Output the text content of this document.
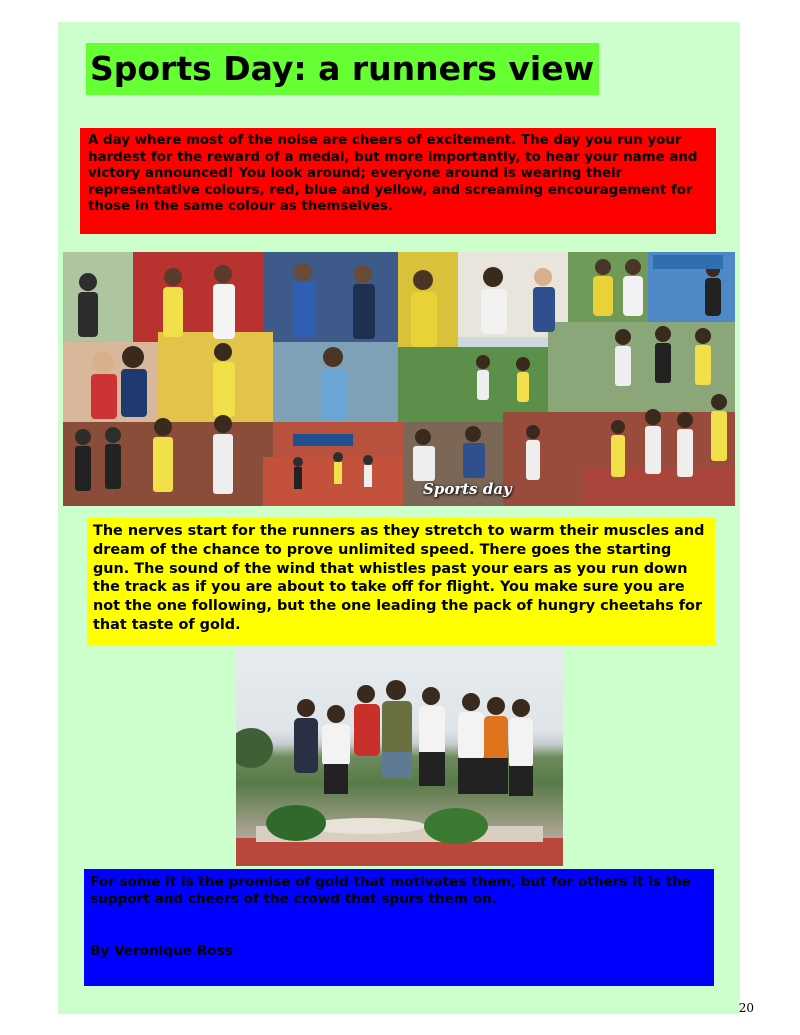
Sports Day: a runners view
A day where most of the noise are cheers of excitement. The day you run your hardest for the reward of a medal, but more importantly, to hear your name and victory announced! You look around; everyone around is wearing their representative colours, red, blue and yellow, and screaming encouragement for those in the same colour as themselves.
Sports day
The nerves start for the runners as they stretch to warm their muscles and dream of the chance to prove unlimited speed. There goes the starting gun. The sound of the wind that whistles past your ears as you run down the track as if you are about to take off for flight. You make sure you are not the one following, but the one leading the pack of hungry cheetahs for that taste of gold.

For some it is the promise of gold that motivates them, but for others it is the support and cheers of the crowd that spurs them on.

By Veronique Ross

20
